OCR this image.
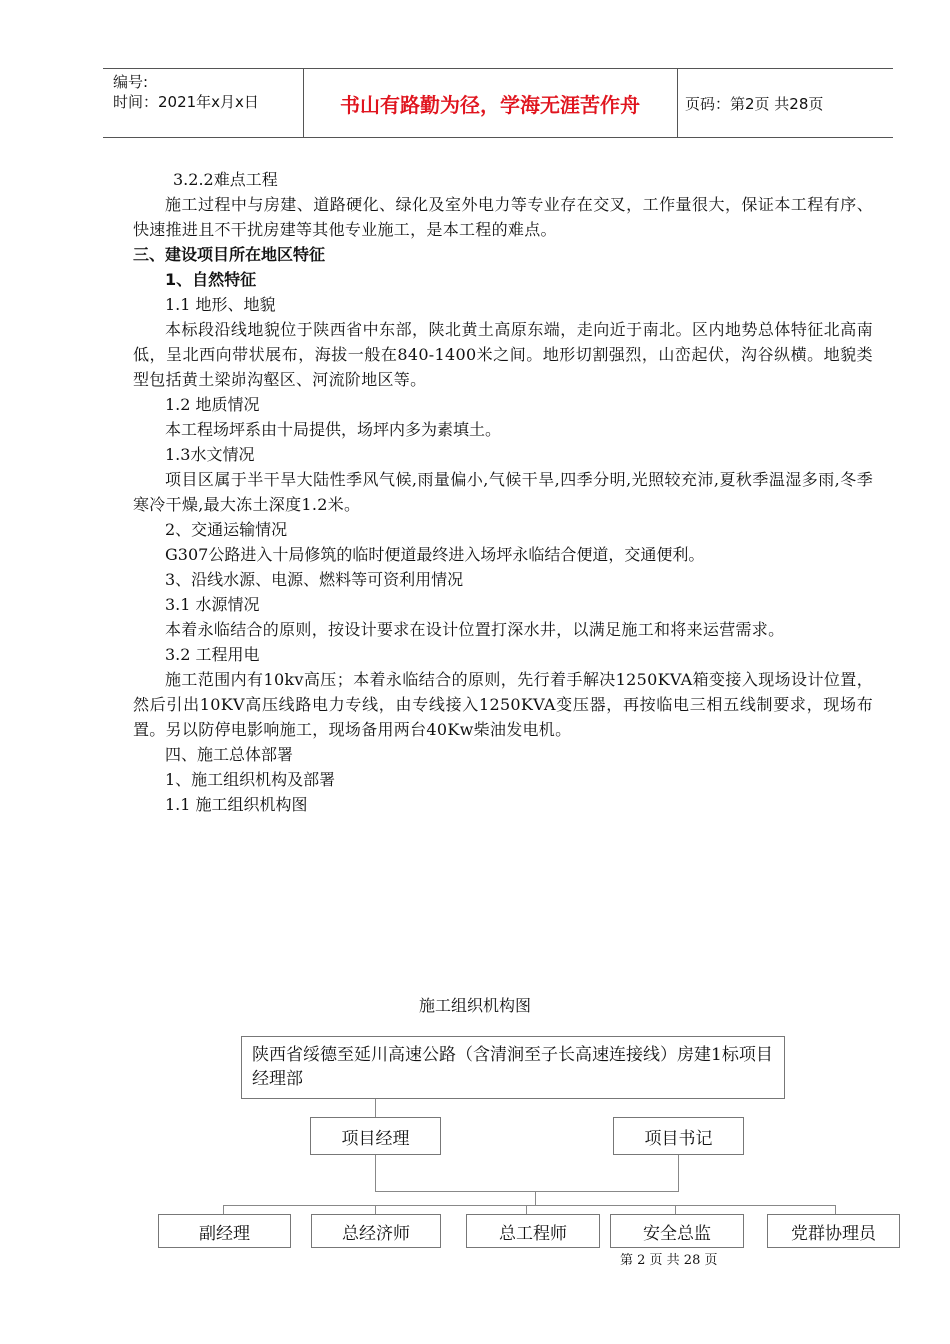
编号:
时间：2021年x月x日	书山有路勤为径，学海无涯苦作舟	页码：第2页 共28页

3.2.2难点工程

施工过程中与房建、道路硬化、绿化及室外电力等专业存在交叉，工作量很大，保证本工程有序、快速推进且不干扰房建等其他专业施工，是本工程的难点。

三、建设项目所在地区特征

1、自然特征

1.1 地形、地貌

本标段沿线地貌位于陕西省中东部，陕北黄土高原东端，走向近于南北。区内地势总体特征北高南低，呈北西向带状展布，海拔一般在840-1400米之间。地形切割强烈，山峦起伏，沟谷纵横。地貌类型包括黄土梁峁沟壑区、河流阶地区等。

1.2 地质情况

本工程场坪系由十局提供，场坪内多为素填土。

1.3水文情况

项目区属于半干旱大陆性季风气候,雨量偏小,气候干旱,四季分明,光照较充沛,夏秋季温湿多雨,冬季寒冷干燥,最大冻土深度1.2米。

2、交通运输情况

G307公路进入十局修筑的临时便道最终进入场坪永临结合便道，交通便利。

3、沿线水源、电源、燃料等可资利用情况

3.1 水源情况

本着永临结合的原则，按设计要求在设计位置打深水井，以满足施工和将来运营需求。

3.2 工程用电

施工范围内有10kv高压；本着永临结合的原则，先行着手解决1250KVA箱变接入现场设计位置，然后引出10KV高压线路电力专线，由专线接入1250KVA变压器，再按临电三相五线制要求，现场布置。另以防停电影响施工，现场备用两台40Kw柴油发电机。

四、施工总体部署

1、施工组织机构及部署

1.1 施工组织机构图

施工组织机构图
陕西省绥德至延川高速公路（含清涧至子长高速连接线）房建1标项目经理部
项目经理	项目书记
副经理	总经济师	总工程师	安全总监	党群协理员
第 2 页 共 28 页
